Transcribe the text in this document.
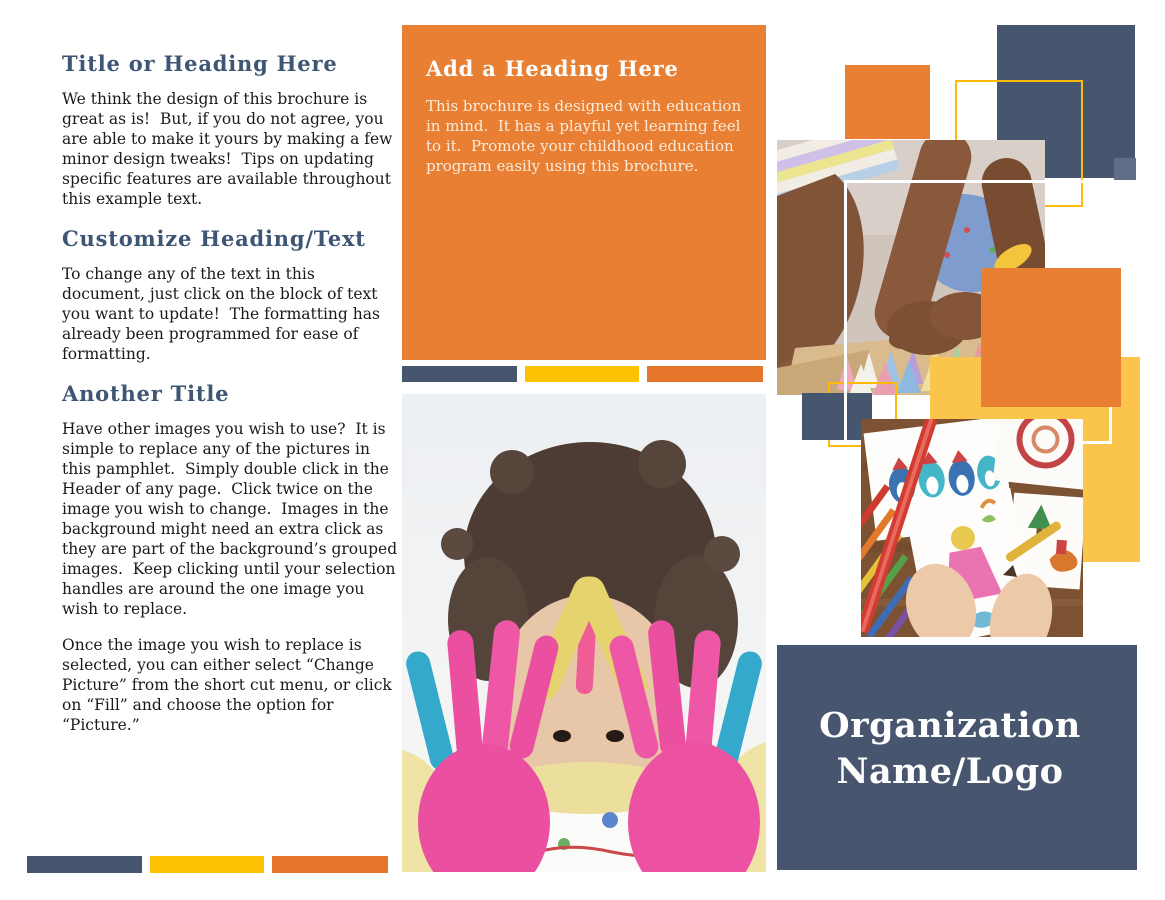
Title or Heading Here

We think the design of this brochure is great as is!  But, if you do not agree, you are able to make it yours by making a few minor design tweaks!  Tips on updating specific features are available throughout this example text.

Customize Heading/Text

To change any of the text in this document, just click on the block of text you want to update!  The formatting has already been programmed for ease of formatting.

Another Title

Have other images you wish to use?  It is simple to replace any of the pictures in this pamphlet.  Simply double click in the Header of any page.  Click twice on the image you wish to change.  Images in the background might need an extra click as they are part of the background’s grouped images.  Keep clicking until your selection handles are around the one image you wish to replace.

Once the image you wish to replace is selected, you can either select “Change Picture” from the short cut menu, or click on “Fill” and choose the option for “Picture.”

Add a Heading Here

This brochure is designed with education in mind.  It has a playful yet learning feel to it.  Promote your childhood education program easily using this brochure.

Organization
Name/Logo
